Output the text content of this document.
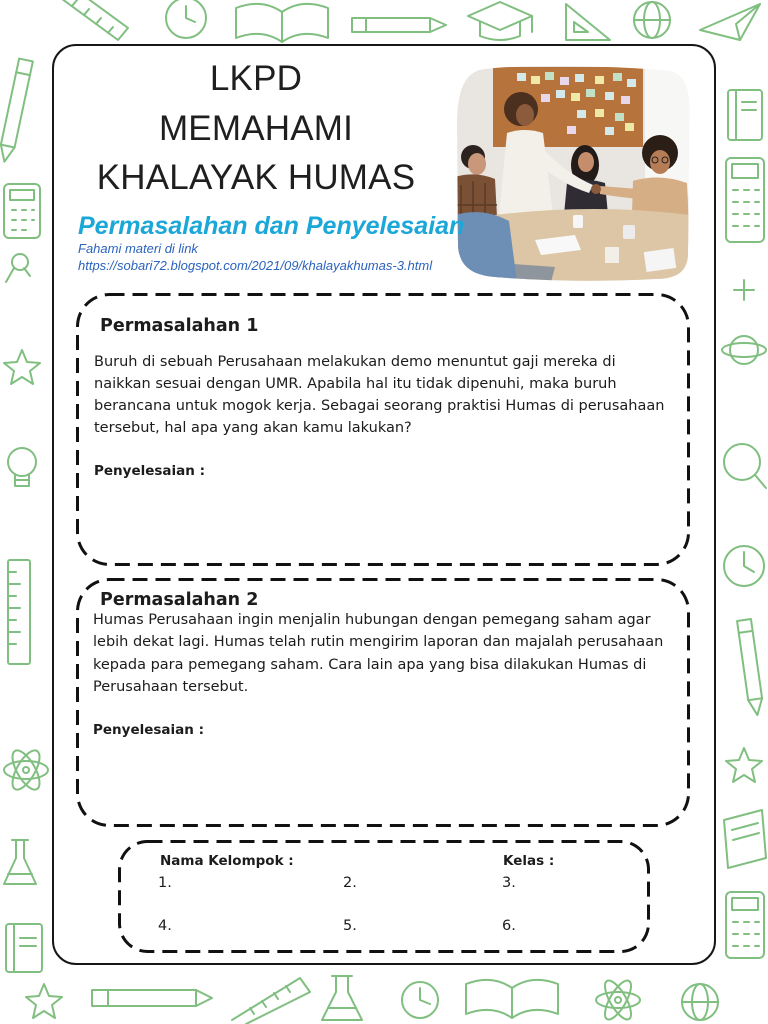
LKPD
MEMAHAMI
KHALAYAK HUMAS
Permasalahan dan Penyelesaian
Fahami materi di link
https://sobari72.blogspot.com/2021/09/khalayakhumas-3.html
Permasalahan 1
Buruh di sebuah Perusahaan melakukan demo menuntut gaji mereka di
naikkan sesuai dengan UMR. Apabila hal itu tidak dipenuhi, maka buruh
berancana untuk mogok kerja. Sebagai seorang praktisi Humas di perusahaan
tersebut, hal apa yang akan kamu lakukan?
Penyelesaian :
Permasalahan 2
Humas Perusahaan ingin menjalin hubungan dengan pemegang saham agar
lebih dekat lagi. Humas telah rutin mengirim laporan dan majalah perusahaan
kepada para pemegang saham. Cara lain apa yang bisa dilakukan Humas di
Perusahaan tersebut.
Penyelesaian :
Nama Kelompok :	Kelas :
1.	2.	3.
4.	5.	6.
